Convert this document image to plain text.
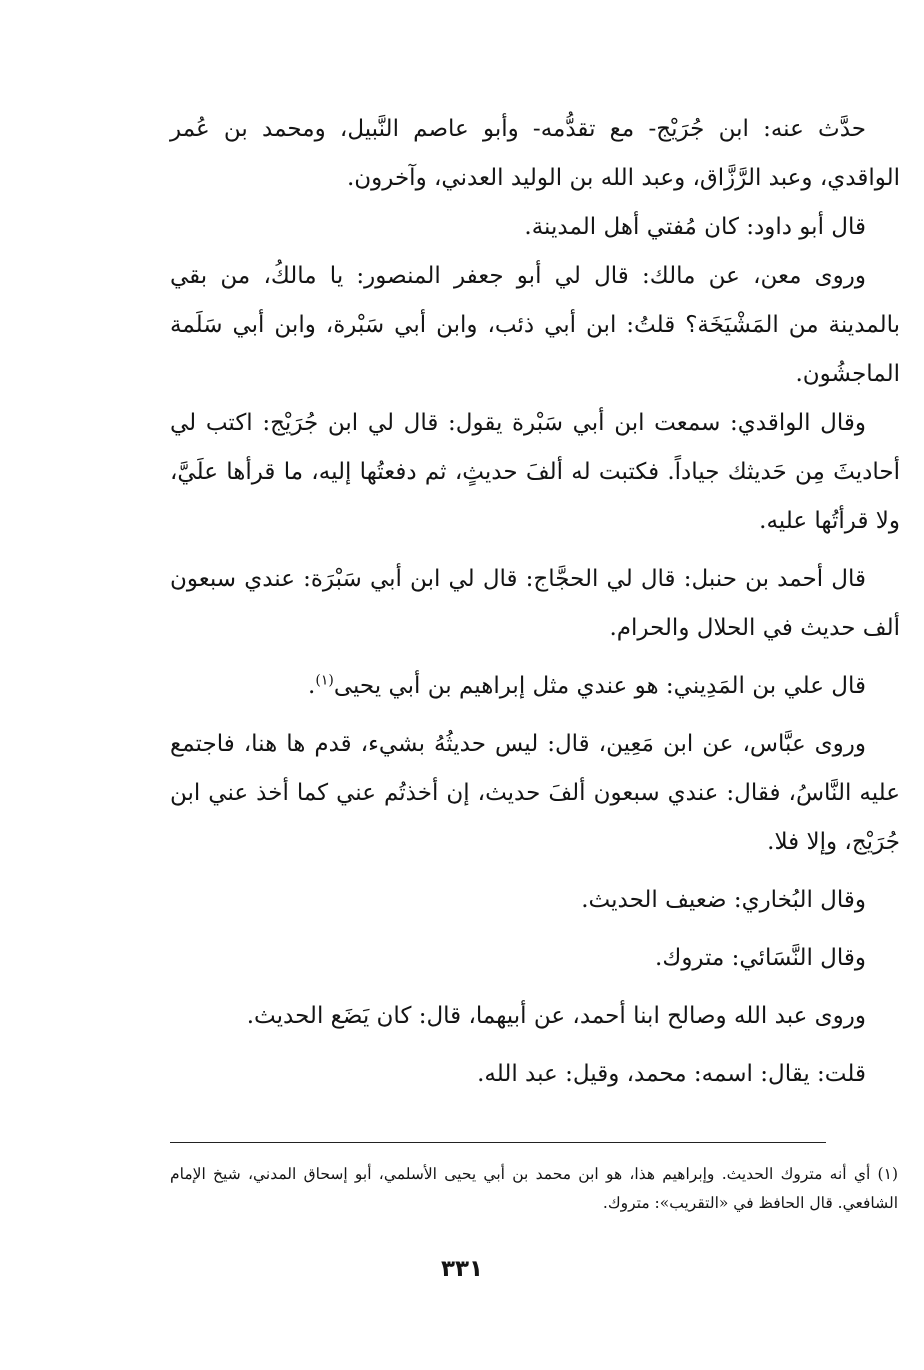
حدَّث عنه: ابن جُرَيْج- مع تقدُّمه- وأبو عاصم النَّبيل، ومحمد بن عُمر الواقدي، وعبد الرَّزَّاق، وعبد الله بن الوليد العدني، وآخرون.

قال أبو داود: كان مُفتي أهل المدينة.

وروى معن، عن مالك: قال لي أبو جعفر المنصور: يا مالكُ، من بقي بالمدينة من المَشْيَخَة؟ قلتُ: ابن أبي ذئب، وابن أبي سَبْرة، وابن أبي سَلَمة الماجشُون.

وقال الواقدي: سمعت ابن أبي سَبْرة يقول: قال لي ابن جُرَيْج: اكتب لي أحاديثَ مِن حَديثك جياداً. فكتبت له ألفَ حديثٍ، ثم دفعتُها إليه، ما قرأها علَيَّ، ولا قرأتُها عليه.

قال أحمد بن حنبل: قال لي الحجَّاج: قال لي ابن أبي سَبْرَة: عندي سبعون ألف حديث في الحلال والحرام.

قال علي بن المَدِيني: هو عندي مثل إبراهيم بن أبي يحيى$^{(١)}$.

وروى عبَّاس، عن ابن مَعِين، قال: ليس حديثُهُ بشيء، قدم ها هنا، فاجتمع عليه النَّاسُ، فقال: عندي سبعون ألفَ حديث، إن أخذتُم عني كما أخذ عني ابن جُرَيْج، وإلا فلا.

وقال البُخاري: ضعيف الحديث.

وقال النَّسَائي: متروك.

وروى عبد الله وصالح ابنا أحمد، عن أبيهما، قال: كان يَضَع الحديث.

قلت: يقال: اسمه: محمد، وقيل: عبد الله.

(١) أي أنه متروك الحديث. وإبراهيم هذا، هو ابن محمد بن أبي يحيى الأسلمي، أبو إسحاق المدني، شيخ الإمام الشافعي. قال الحافظ في «التقريب»: متروك.

٣٣١
